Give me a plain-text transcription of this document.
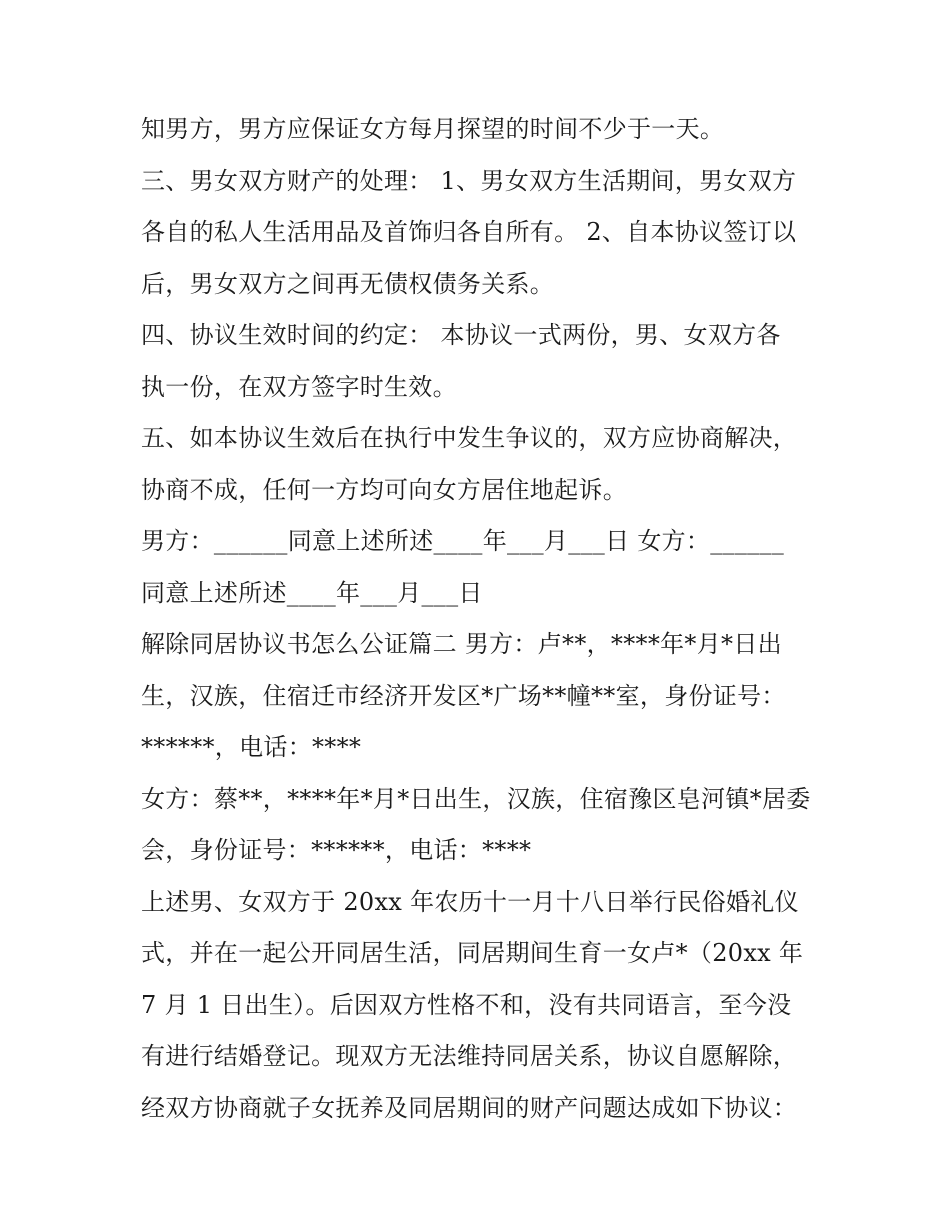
知男方，男方应保证女方每月探望的时间不少于一天。
三、男女双方财产的处理： 1、男女双方生活期间，男女双方
各自的私人生活用品及首饰归各自所有。 2、自本协议签订以
后，男女双方之间再无债权债务关系。
四、协议生效时间的约定： 本协议一式两份，男、女双方各
执一份，在双方签字时生效。
五、如本协议生效后在执行中发生争议的，双方应协商解决，
协商不成，任何一方均可向女方居住地起诉。
男方：______同意上述所述____年___月___日 女方：______
同意上述所述____年___月___日
解除同居协议书怎么公证篇二 男方：卢**，****年*月*日出
生，汉族，住宿迁市经济开发区*广场**幢**室，身份证号：
******，电话：****
女方：蔡**，****年*月*日出生，汉族，住宿豫区皂河镇*居委
会，身份证号：******，电话：****
上述男、女双方于 20xx 年农历十一月十八日举行民俗婚礼仪
式，并在一起公开同居生活，同居期间生育一女卢*（20xx 年
7 月 1 日出生）。后因双方性格不和，没有共同语言，至今没
有进行结婚登记。现双方无法维持同居关系，协议自愿解除，
经双方协商就子女抚养及同居期间的财产问题达成如下协议：
